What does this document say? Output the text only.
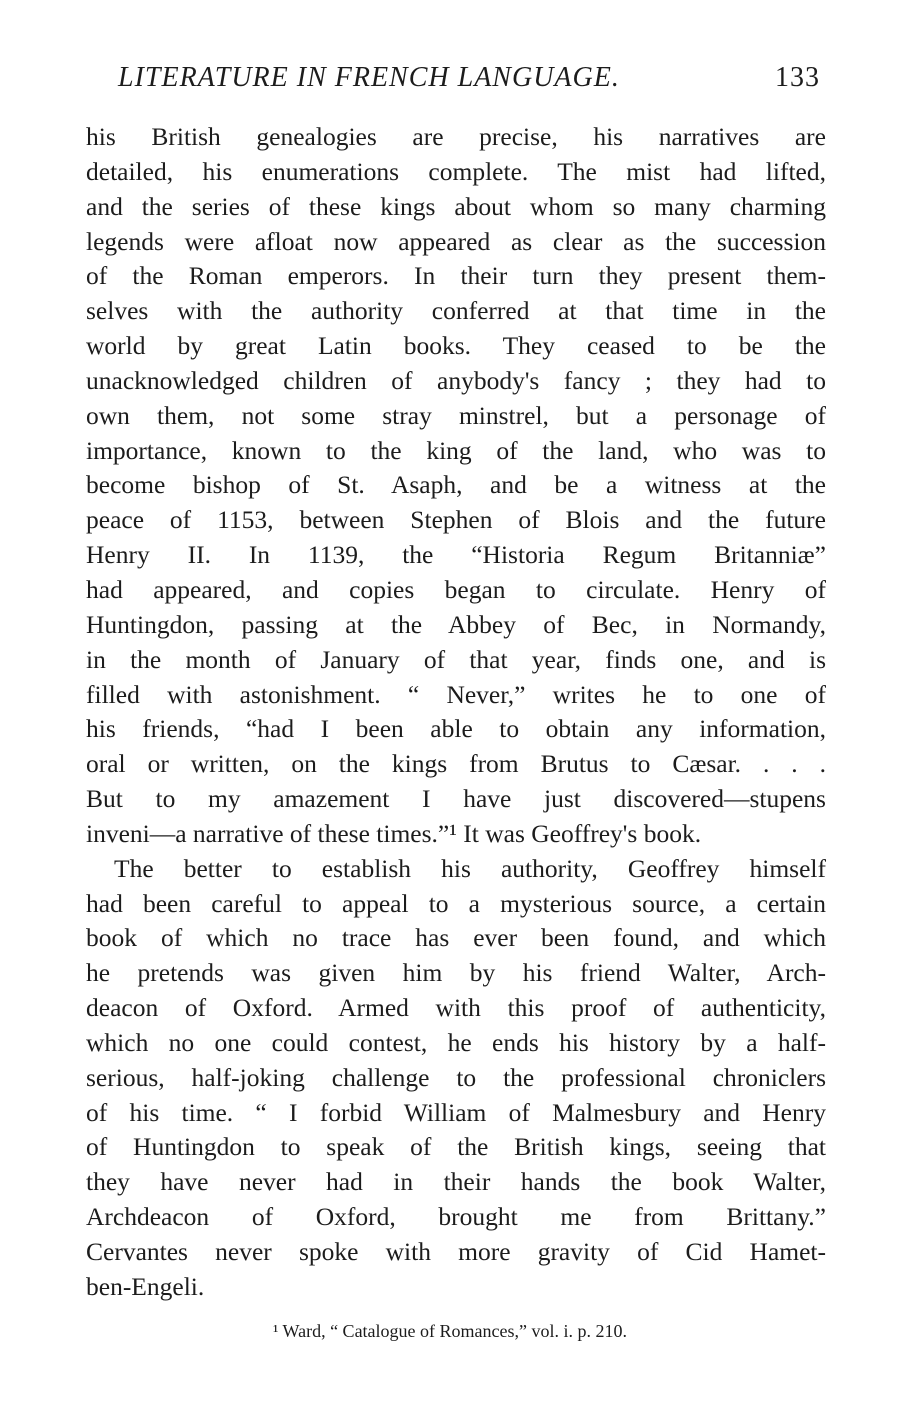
LITERATURE IN FRENCH LANGUAGE.	133
his British genealogies are precise, his narratives are
detailed, his enumerations complete. The mist had lifted,
and the series of these kings about whom so many charming
legends were afloat now appeared as clear as the succession
of the Roman emperors. In their turn they present them-
selves with the authority conferred at that time in the
world by great Latin books. They ceased to be the
unacknowledged children of anybody's fancy ; they had to
own them, not some stray minstrel, but a personage of
importance, known to the king of the land, who was to
become bishop of St. Asaph, and be a witness at the
peace of 1153, between Stephen of Blois and the future
Henry II. In 1139, the “Historia Regum Britanniæ”
had appeared, and copies began to circulate. Henry of
Huntingdon, passing at the Abbey of Bec, in Normandy,
in the month of January of that year, finds one, and is
filled with astonishment. “ Never,” writes he to one of
his friends, “had I been able to obtain any information,
oral or written, on the kings from Brutus to Cæsar. . . .
But to my amazement I have just discovered—stupens
inveni—a narrative of these times.”¹ It was Geoffrey's book.
The better to establish his authority, Geoffrey himself
had been careful to appeal to a mysterious source, a certain
book of which no trace has ever been found, and which
he pretends was given him by his friend Walter, Arch-
deacon of Oxford. Armed with this proof of authenticity,
which no one could contest, he ends his history by a half-
serious, half-joking challenge to the professional chroniclers
of his time. “ I forbid William of Malmesbury and Henry
of Huntingdon to speak of the British kings, seeing that
they have never had in their hands the book Walter,
Archdeacon of Oxford, brought me from Brittany.”
Cervantes never spoke with more gravity of Cid Hamet-
ben-Engeli.
¹ Ward, “ Catalogue of Romances,” vol. i. p. 210.
